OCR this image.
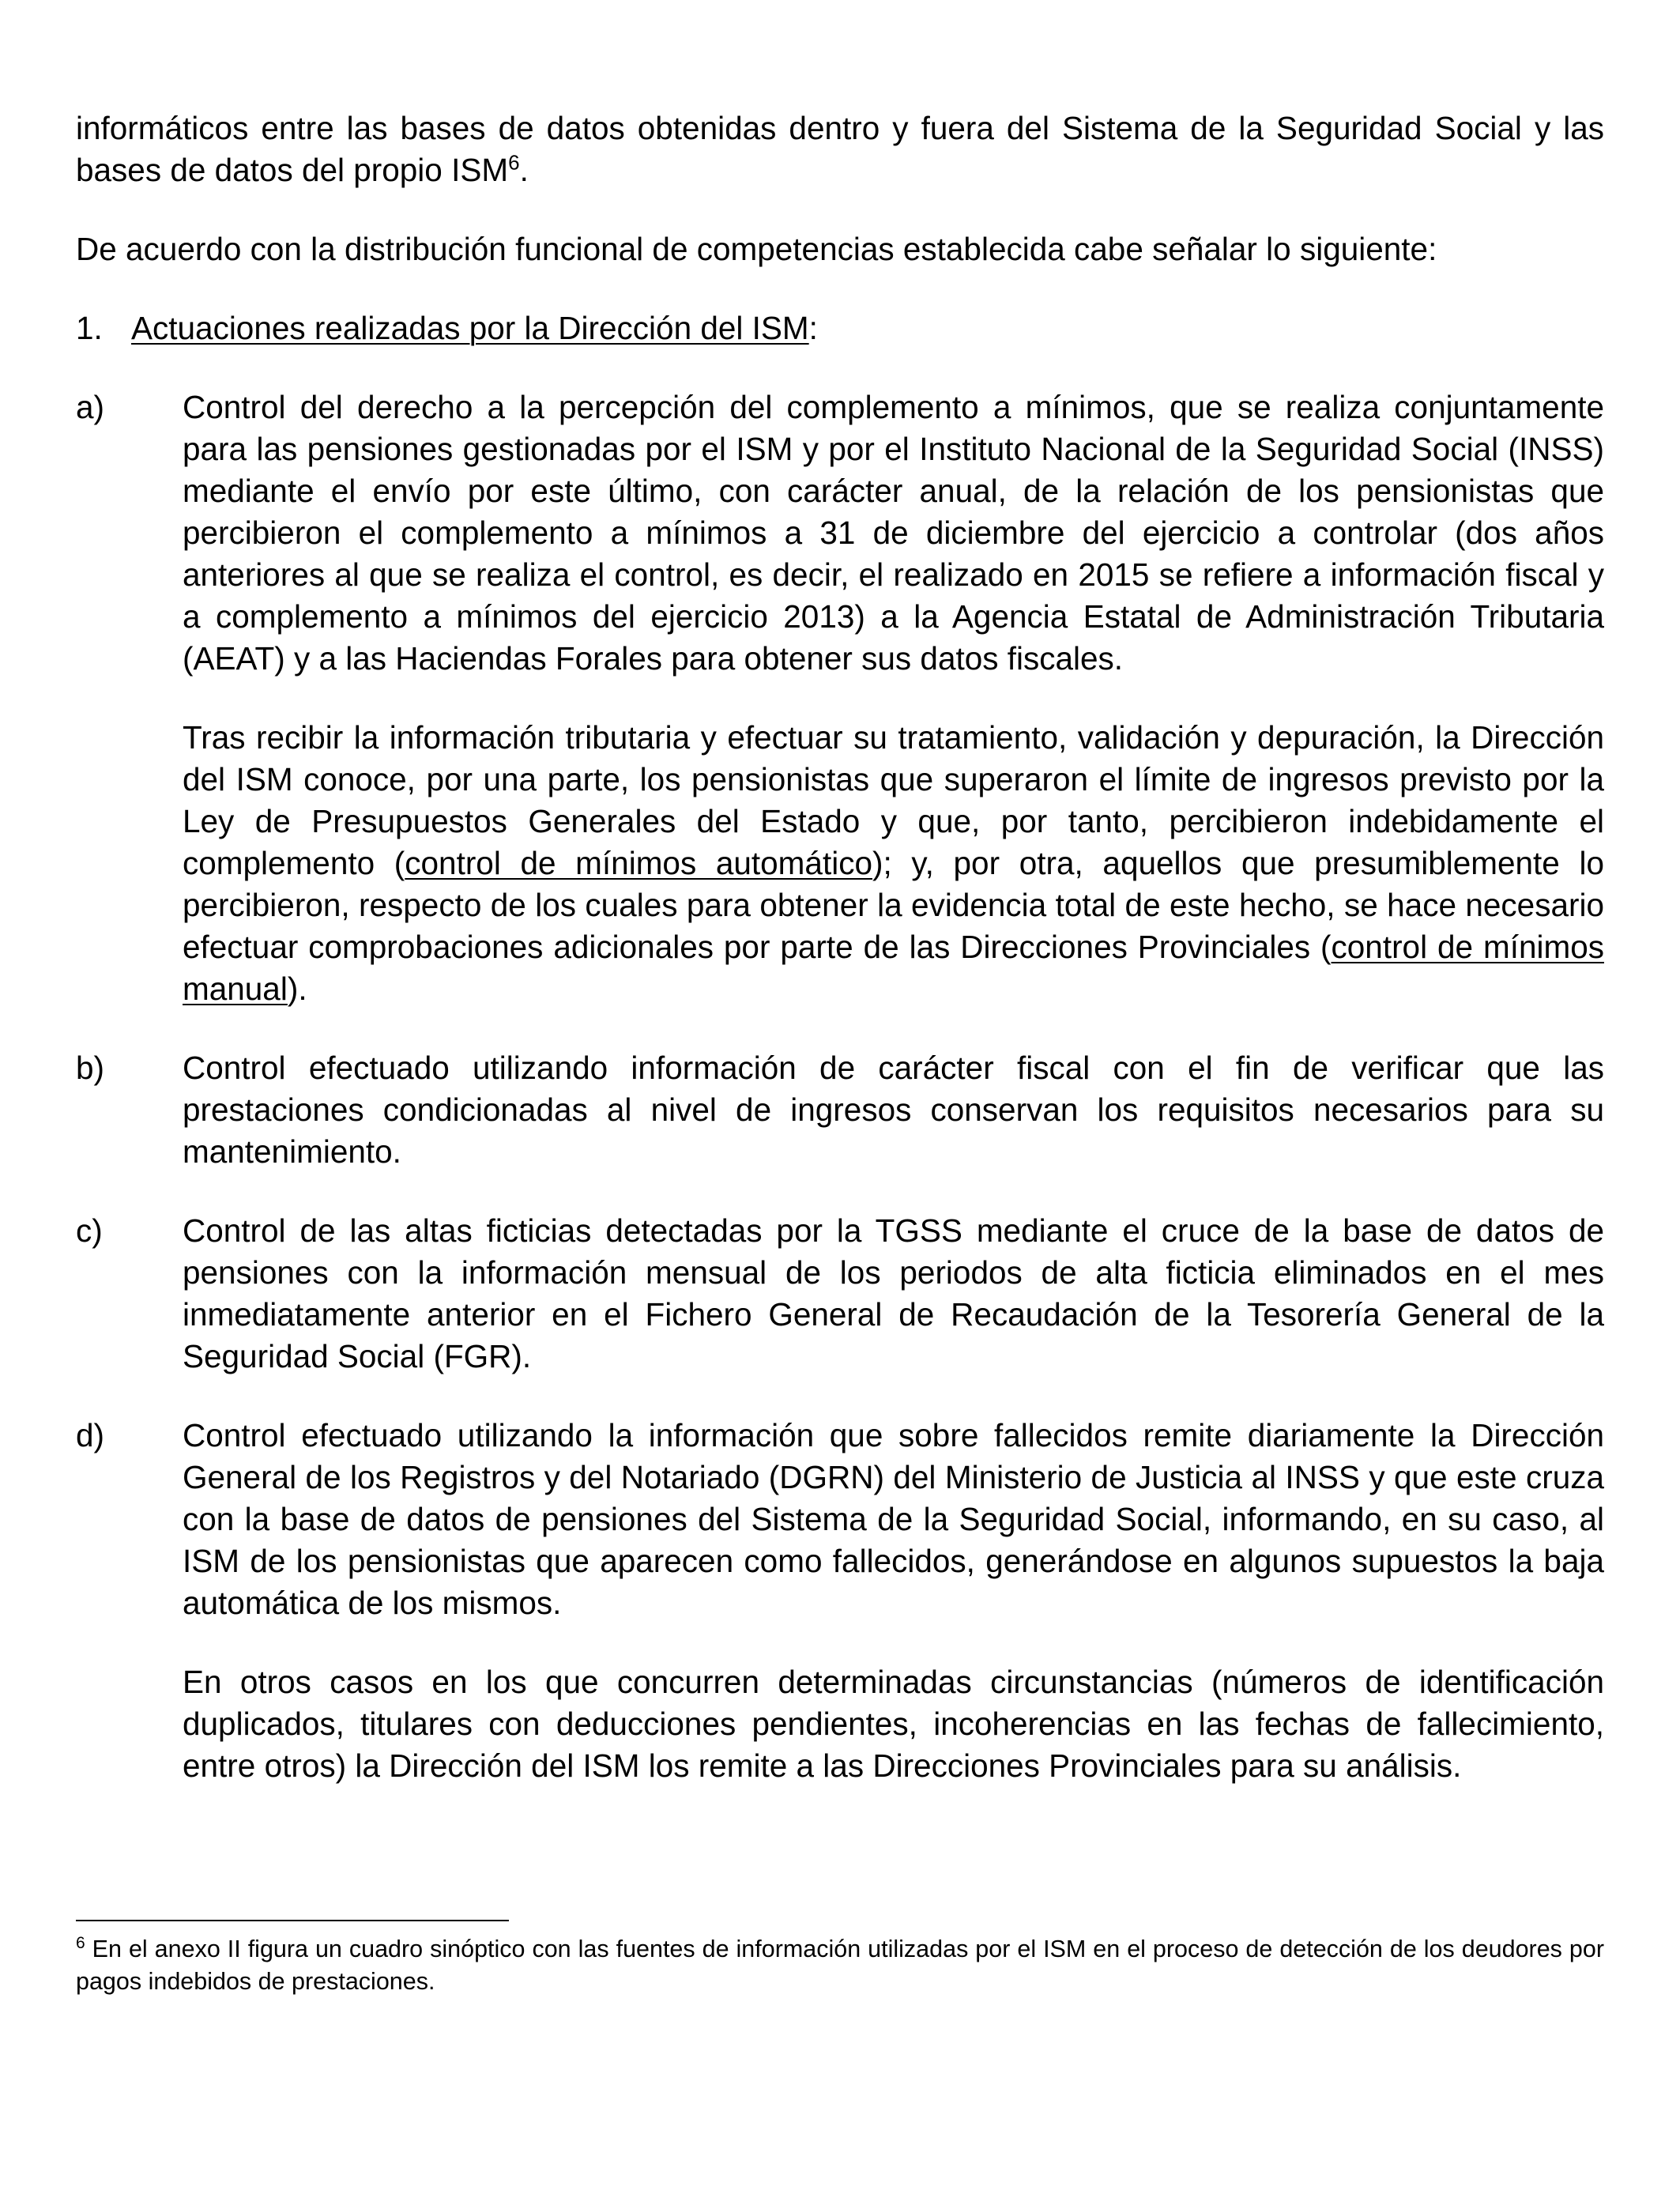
informáticos entre las bases de datos obtenidas dentro y fuera del Sistema de la Seguridad Social y las bases de datos del propio ISM$^6$.

De acuerdo con la distribución funcional de competencias establecida cabe señalar lo siguiente:

1. Actuaciones realizadas por la Dirección del ISM:
a)	Control del derecho a la percepción del complemento a mínimos, que se realiza conjuntamente para las pensiones gestionadas por el ISM y por el Instituto Nacional de la Seguridad Social (INSS) mediante el envío por este último, con carácter anual, de la relación de los pensionistas que percibieron el complemento a mínimos a 31 de diciembre del ejercicio a controlar (dos años anteriores al que se realiza el control, es decir, el realizado en 2015 se refiere a información fiscal y a complemento a mínimos del ejercicio 2013) a la Agencia Estatal de Administración Tributaria (AEAT) y a las Haciendas Forales para obtener sus datos fiscales.

Tras recibir la información tributaria y efectuar su tratamiento, validación y depuración, la Dirección del ISM conoce, por una parte, los pensionistas que superaron el límite de ingresos previsto por la Ley de Presupuestos Generales del Estado y que, por tanto, percibieron indebidamente el complemento (control de mínimos automático); y, por otra, aquellos que presumiblemente lo percibieron, respecto de los cuales para obtener la evidencia total de este hecho, se hace necesario efectuar comprobaciones adicionales por parte de las Direcciones Provinciales (control de mínimos manual).

b)	Control efectuado utilizando información de carácter fiscal con el fin de verificar que las prestaciones condicionadas al nivel de ingresos conservan los requisitos necesarios para su mantenimiento.

c)	Control de las altas ficticias detectadas por la TGSS mediante el cruce de la base de datos de pensiones con la información mensual de los periodos de alta ficticia eliminados en el mes inmediatamente anterior en el Fichero General de Recaudación de la Tesorería General de la Seguridad Social (FGR).

d)	Control efectuado utilizando la información que sobre fallecidos remite diariamente la Dirección General de los Registros y del Notariado (DGRN) del Ministerio de Justicia al INSS y que este cruza con la base de datos de pensiones del Sistema de la Seguridad Social, informando, en su caso, al ISM de los pensionistas que aparecen como fallecidos, generándose en algunos supuestos la baja automática de los mismos.

En otros casos en los que concurren determinadas circunstancias (números de identificación duplicados, titulares con deducciones pendientes, incoherencias en las fechas de fallecimiento, entre otros) la Dirección del ISM los remite a las Direcciones Provinciales para su análisis.

$^6$ En el anexo II figura un cuadro sinóptico con las fuentes de información utilizadas por el ISM en el proceso de detección de los deudores por pagos indebidos de prestaciones.
